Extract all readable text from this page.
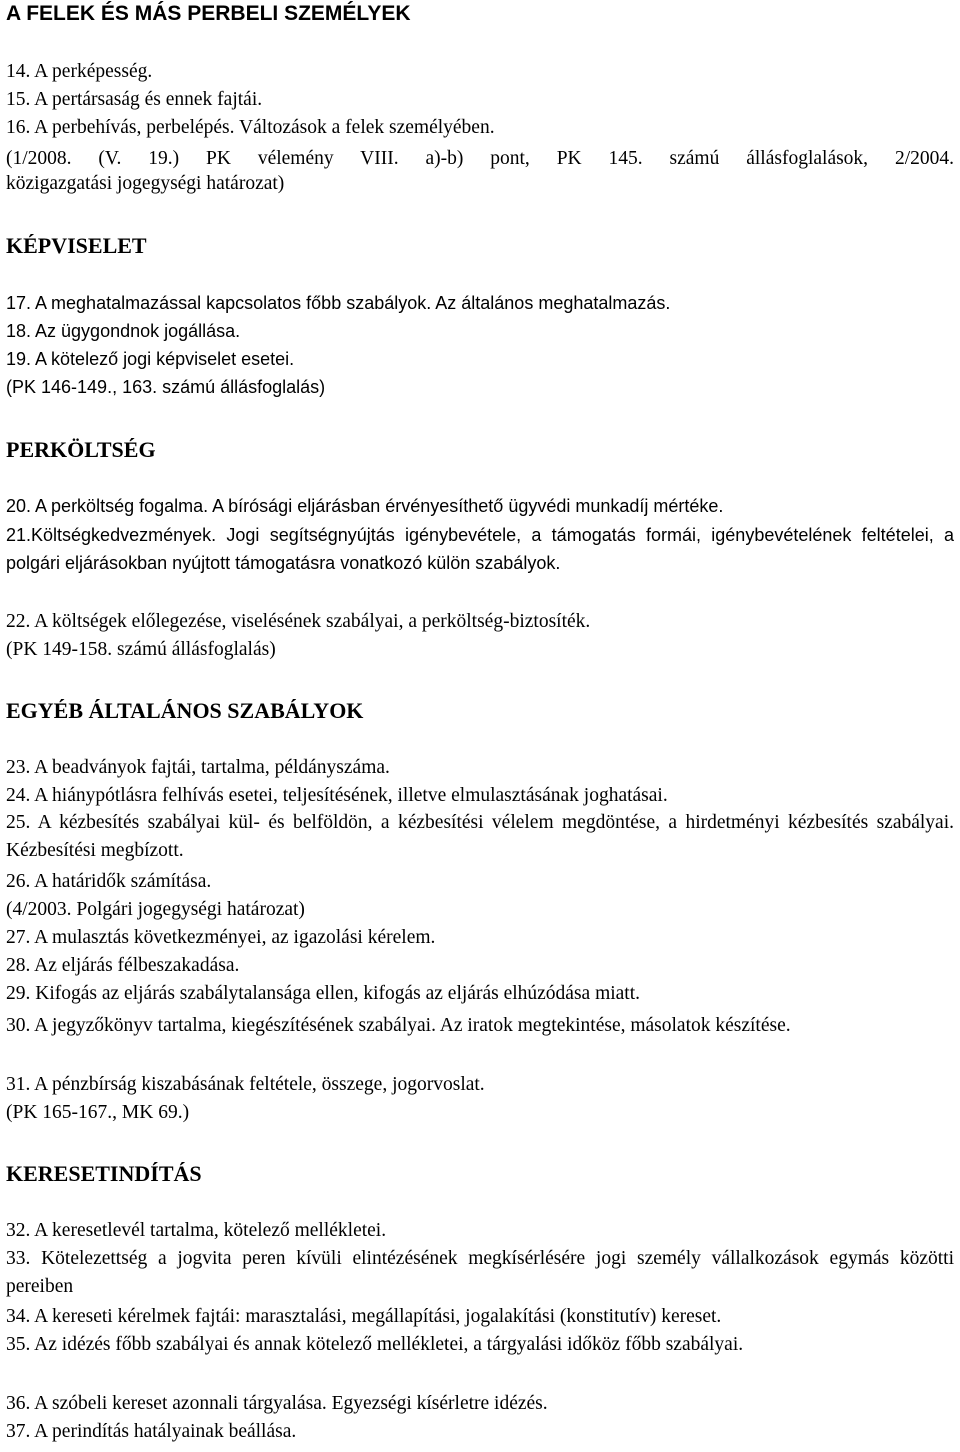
A FELEK ÉS MÁS PERBELI SZEMÉLYEK
14. A perképesség.
15. A pertársaság és ennek fajtái.
16. A perbehívás, perbelépés. Változások a felek személyében.
(1/2008. (V. 19.) PK vélemény VIII. a)-b) pont, PK 145. számú állásfoglalások, 2/2004.
közigazgatási jogegységi határozat)
KÉPVISELET
17. A meghatalmazással kapcsolatos főbb szabályok. Az általános meghatalmazás.
18. Az ügygondnok jogállása.
19. A kötelező jogi képviselet esetei.
(PK 146-149., 163. számú állásfoglalás)
PERKÖLTSÉG
20. A perköltség fogalma. A bírósági eljárásban érvényesíthető ügyvédi munkadíj mértéke.
21.Költségkedvezmények. Jogi segítségnyújtás igénybevétele, a támogatás formái, igénybevételének feltételei, a polgári eljárásokban nyújtott támogatásra vonatkozó külön szabályok.
22. A költségek előlegezése, viselésének szabályai, a perköltség-biztosíték.
(PK 149-158. számú állásfoglalás)
EGYÉB ÁLTALÁNOS SZABÁLYOK
23. A beadványok fajtái, tartalma, példányszáma.
24. A hiánypótlásra felhívás esetei, teljesítésének, illetve elmulasztásának joghatásai.
25. A kézbesítés szabályai kül- és belföldön, a kézbesítési vélelem megdöntése, a hirdetményi kézbesítés szabályai. Kézbesítési megbízott.
26. A határidők számítása.
(4/2003. Polgári jogegységi határozat)
27. A mulasztás következményei, az igazolási kérelem.
28. Az eljárás félbeszakadása.
29. Kifogás az eljárás szabálytalansága ellen, kifogás az eljárás elhúzódása miatt.
30. A jegyzőkönyv tartalma, kiegészítésének szabályai. Az iratok megtekintése, másolatok készítése.
31. A pénzbírság kiszabásának feltétele, összege, jogorvoslat.
(PK 165-167., MK 69.)
KERESETINDÍTÁS
32. A keresetlevél tartalma, kötelező mellékletei.
33. Kötelezettség a jogvita peren kívüli elintézésének megkísérlésére jogi személy vállalkozások egymás közötti pereiben
34. A kereseti kérelmek fajtái: marasztalási, megállapítási, jogalakítási (konstitutív) kereset.
35. Az idézés főbb szabályai és annak kötelező mellékletei, a tárgyalási időköz főbb szabályai.
36. A szóbeli kereset azonnali tárgyalása. Egyezségi kísérletre idézés.
37. A perindítás hatályainak beállása.
